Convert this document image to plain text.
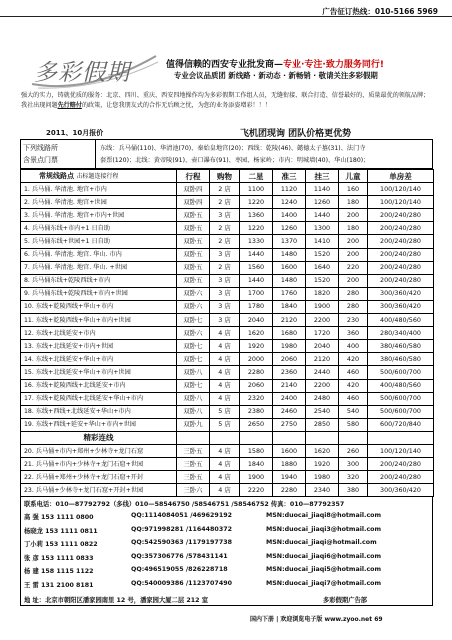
广告征订热线：010-5166 5969
多彩假期	值得信赖的西安专业批发商—专业·专注·致力服务同行!
专业会议品质团 新线路 · 新动态 · 新畅销 · 敬请关注多彩假期
强大的实力，铸就优质的服务：北京、四川、重庆、西安四地操作均为多彩假期工作组人员，无缝衔接、联合打造、信誉最好的，质量最优的领航品牌；我社出现问题先行赔付的政策，让您我朋友式的合作无后顾之忧，为您的业务添姿增彩！！！
2011、10月报价	飞机团现询 团队价格更优势
下列线路所
含景点门票
东线：兵马俑(110)、华清池(70)、秦始皇地宫(20)；西线：乾陵(46)、懿德太子墓(31)、法门寺
套票(120)；北线：黄帝陵(91)、壶口瀑布(91)、枣园、杨家岭；市内：明城墙(40)、华山(180)；
常规线路点 击标题连接行程	行程	购物	二星	准三	挂三	儿童	单房差
1. 兵马俑. 华清池. 地宫+市内	双卧四	2 店	1100	1120	1140	160	100/120/140
2. 兵马俑. 华清池. 地宫+世园	双卧四	2 店	1220	1240	1260	180	100/120/140
3. 兵马俑. 华清池. 地宫+市内+世园	双卧五	3 店	1360	1400	1440	200	200/240/280
4. 兵马俑东线+市内+1 日自助	双卧五	2 店	1220	1260	1300	180	200/240/280
5. 兵马俑东线+世园+1 日自助	双卧五	2 店	1330	1370	1410	200	200/240/280
6. 兵马俑. 华清池. 地宫. 华山. 市内	双卧五	3 店	1440	1480	1520	200	200/240/280
7. 兵马俑. 华清池. 地宫. 华山. +世园	双卧五	2 店	1560	1600	1640	220	200/240/280
8. 兵马俑东线+乾陵西线+市内	双卧五	3 店	1440	1480	1520	200	200/240/280
9. 兵马俑东线+乾陵西线+市内+世园	双卧六	3 店	1700	1760	1820	280	300/360/420
10. 东线+乾陵西线+华山+市内	双卧六	3 店	1780	1840	1900	280	300/360/420
11. 东线+乾陵西线+华山+市内+世园	双卧七	3 店	2040	2120	2200	230	400/480/560
12. 东线+北线延安+市内	双卧六	4 店	1620	1680	1720	360	280/340/400
13. 东线+北线延安+市内+世园	双卧七	4 店	1920	1980	2040	400	380/460/580
14. 东线+北线延安+华山+市内	双卧七	4 店	2000	2060	2120	420	380/460/580
15. 东线+北线延安+华山+市内+世园	双卧八	4 店	2280	2360	2440	460	500/600/700
16. 东线+乾陵西线+北线延安+市内	双卧七	4 店	2060	2140	2200	420	400/480/560
17. 东线+乾陵西线+北线延安+华山+市内	双卧八	4 店	2320	2400	2480	460	500/600/700
18. 东线+西线+北线延安+华山+市内	双卧八	5 店	2380	2460	2540	540	500/600/700
19. 东线+西线+延安+华山+市内+世园	双卧九	5 店	2650	2750	2850	580	600/720/840
精彩连线							
20. 兵马俑+市内+郑州+少林寺+龙门石窟	三卧五	4 店	1580	1600	1620	260	100/120/140
21. 兵马俑+市内+少林寺+龙门石窟+世园	三卧五	4 店	1840	1880	1920	300	200/240/280
22. 兵马俑+郑州+少林寺+龙门石窟+开封	三卧五	4 店	1900	1940	1980	320	200/240/280
23. 兵马俑+少林寺+龙门石窟+开封+世园	三卧六	4 店	2220	2280	2340	380	300/360/420
联系电话：010—87792792（多线）010—58546750 /58546751 /58546752 传真：010—87792357
高 强 153 1111 0800	QQ:1114084051 /469629192	MSN:duocai_jiaqi8@hotmail.com
杨晓龙 153 1111 0811	QQ:971998281 /1164480372	MSN:duocai_jiaqi3@hotmail.com
丁小莉 153 1111 0822	QQ:542590363 /1179197738	MSN:duocai_jiaqi@hotmail.com
张 彦 153 1111 0833	QQ:357306776 /578431141	MSN:duocai_jiaqi6@hotmail.com
杨 建 158 1115 1122	QQ:496519055 /826228718	MSN:duocai_jiaqi5@hotmail.com
王 雷 131 2100 8181	QQ:540009386 /1123707490	MSN:duocai_jiaqi7@hotmail.com
地 址：北京市朝阳区潘家园南里 12 号，潘家园大厦二层 212 室	多彩假期广告部
国内下册 | 欢迎浏览电子版 www.zyoo.net 69
